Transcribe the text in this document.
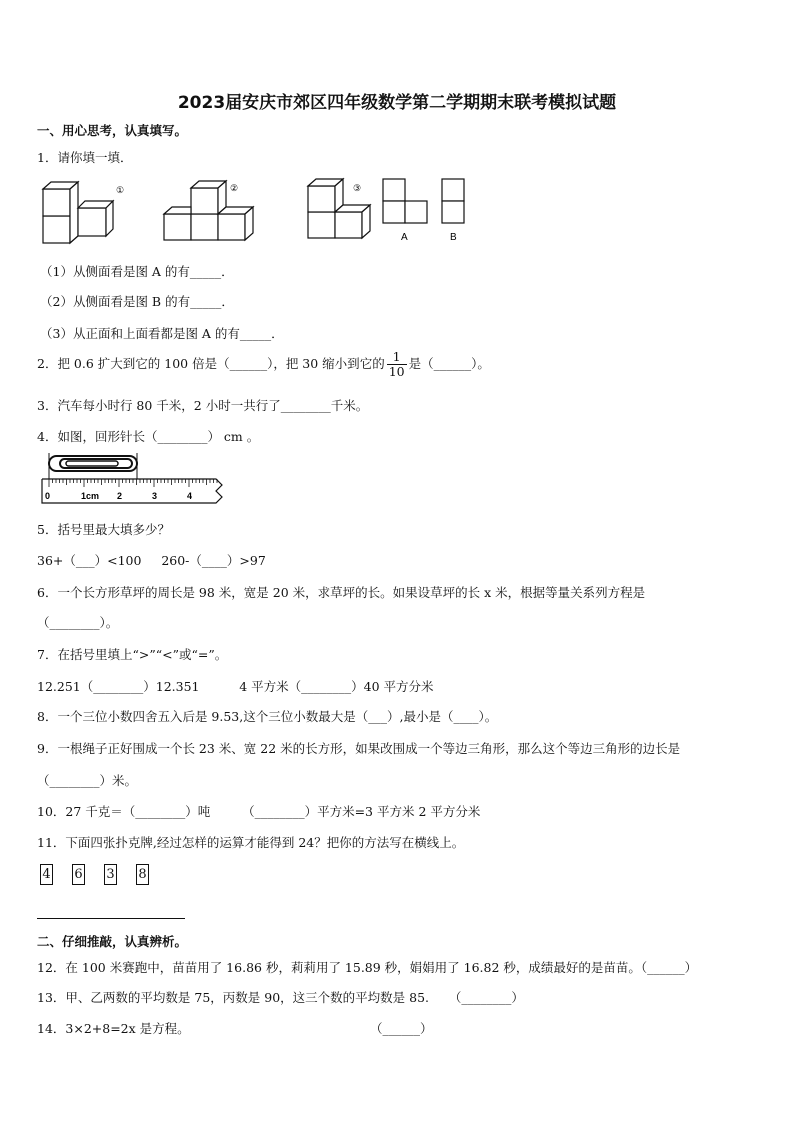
2023届安庆市郊区四年级数学第二学期期末联考模拟试题
一、用心思考，认真填写。
1．请你填一填．
①	②	③
A	B
（1）从侧面看是图 A 的有_____．
（2）从侧面看是图 B 的有_____．
（3）从正面和上面看都是图 A 的有_____．
2．把 0.6 扩大到它的 100 倍是（______），把 30 缩小到它的 $\frac{1}{10}$ 是（______）。
3．汽车每小时行 80 千米，2 小时一共行了________千米。
4．如图，回形针长（________） cm 。
0	1cm 2	3	4
5．括号里最大填多少？
36+（___）<100     260-（____）>97
6．一个长方形草坪的周长是 98 米，宽是 20 米，求草坪的长。如果设草坪的长 x 米，根据等量关系列方程是
（________）。
7．在括号里填上“>”“<”或“=”。
12.251（________）12.351          4 平方米（________）40 平方分米
8．一个三位小数四舍五入后是 9.53,这个三位小数最大是（___）,最小是（____）。
9．一根绳子正好围成一个长 23 米、宽 22 米的长方形，如果改围成一个等边三角形，那么这个等边三角形的边长是
（________）米。
10．27 千克＝（________）吨        （________）平方米=3 平方米 2 平方分米
11．下面四张扑克牌,经过怎样的运算才能得到 24？把你的方法写在横线上。
4 6 3 8
二、仔细推敲，认真辨析。
12．在 100 米赛跑中，苗苗用了 16.86 秒，莉莉用了 15.89 秒，娟娟用了 16.82 秒，成绩最好的是苗苗。（______）
13．甲、乙两数的平均数是 75，丙数是 90，这三个数的平均数是 85.     （________）
14．3×2+8=2x 是方程。	（______）
